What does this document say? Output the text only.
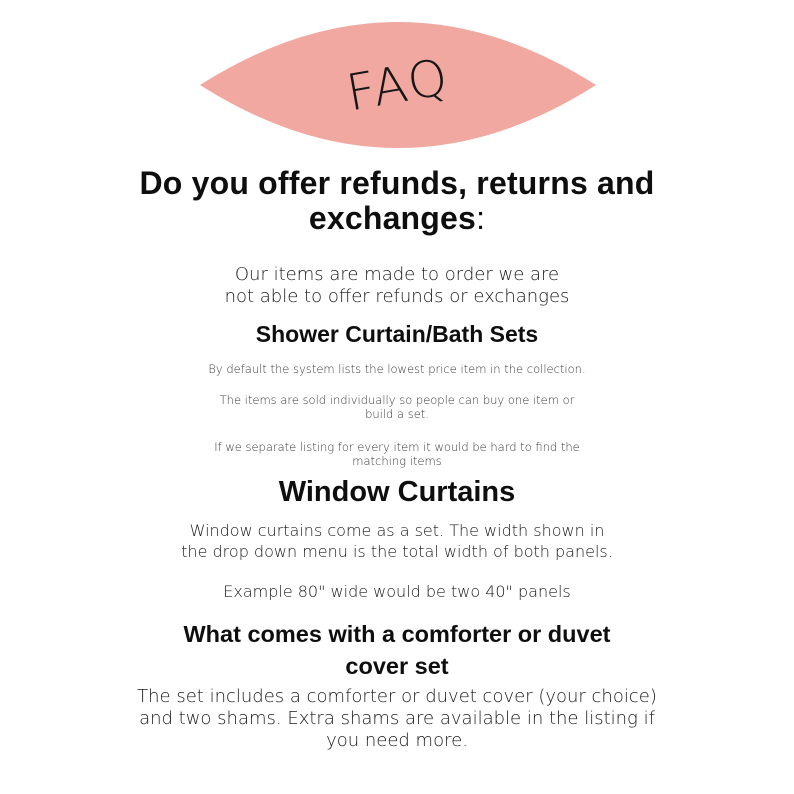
FAQ
Do you offer refunds, returns and
exchanges:
Our items are made to order we are
not able to offer refunds or exchanges
Shower Curtain/Bath Sets
By default the system lists the lowest price item in the collection.
The items are sold individually so people can buy one item or
build a set.
If we separate listing for every item it would be hard to find the
matching items
Window Curtains
Window curtains come as a set. The width shown in
the drop down menu is the total width of both panels.
Example 80" wide would be two 40" panels
What comes with a comforter or duvet
cover set
The set includes a comforter or duvet cover (your choice)
and two shams. Extra shams are available in the listing if
you need more.
